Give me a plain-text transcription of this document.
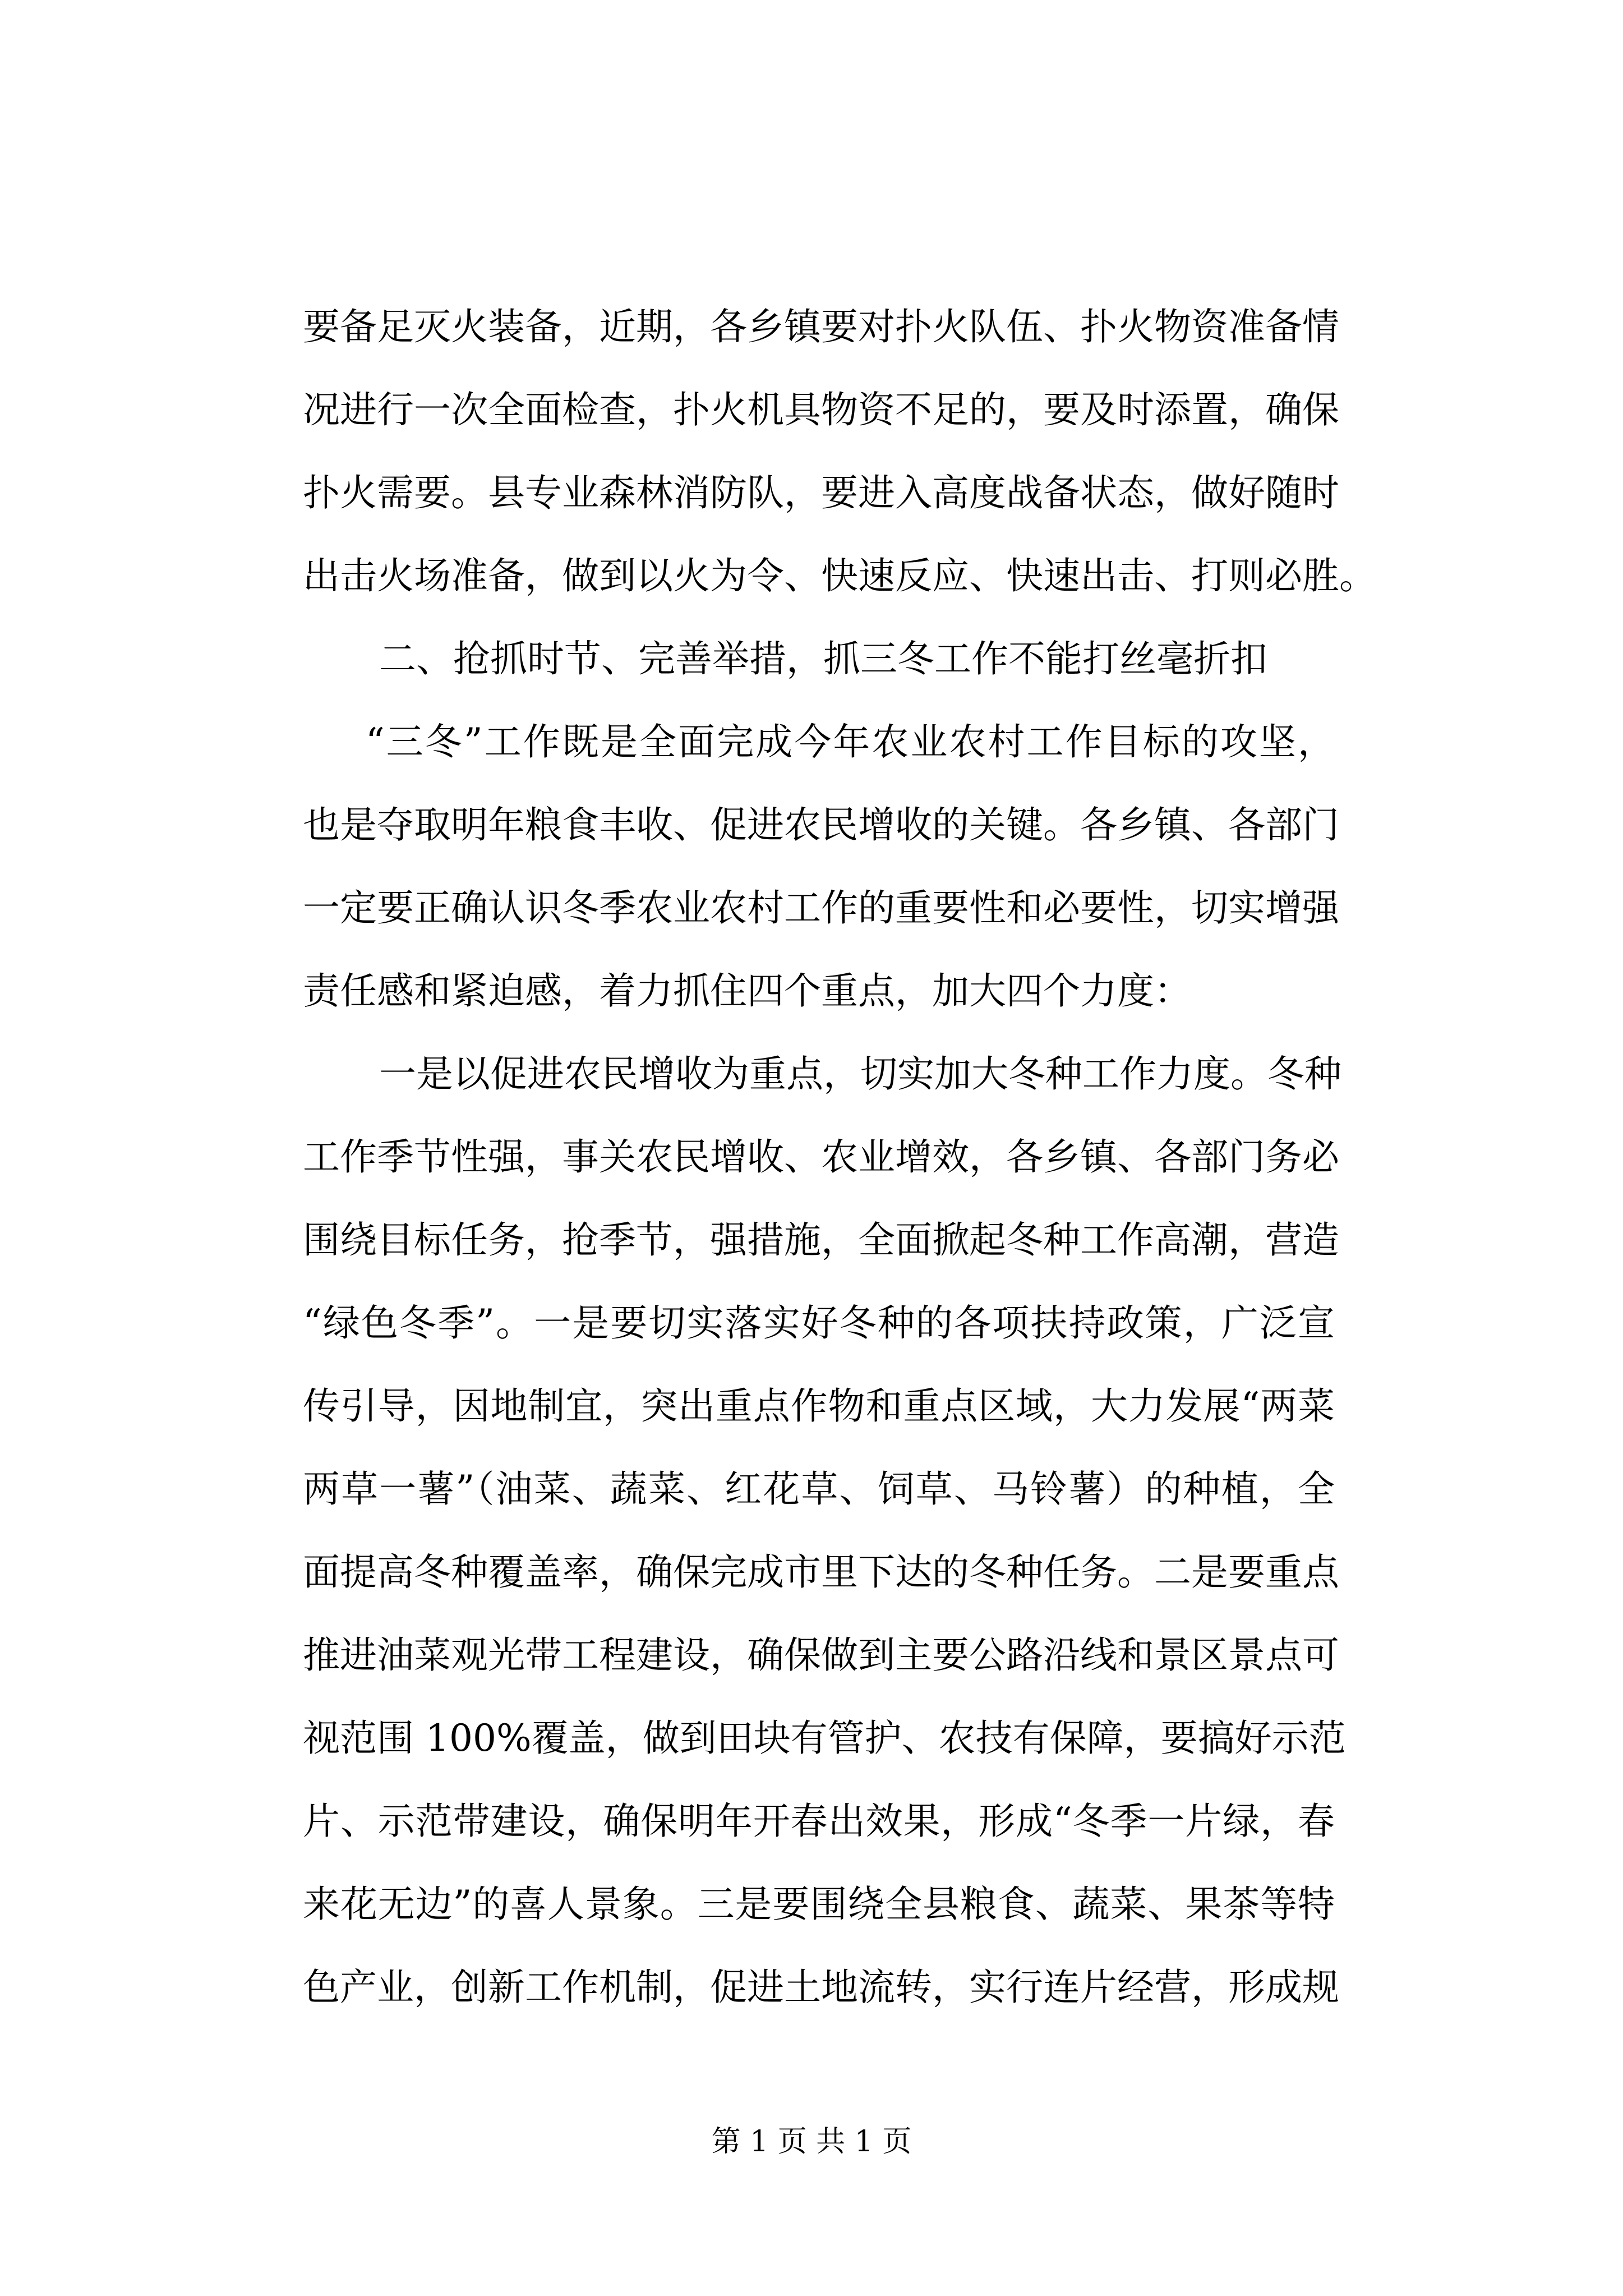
要备足灭火装备，近期，各乡镇要对扑火队伍、扑火物资准备情
况进行一次全面检查，扑火机具物资不足的，要及时添置，确保
扑火需要。县专业森林消防队，要进入高度战备状态，做好随时
出击火场准备，做到以火为令、快速反应、快速出击、打则必胜。
二、抢抓时节、完善举措，抓三冬工作不能打丝毫折扣
“三冬”工作既是全面完成今年农业农村工作目标的攻坚，
也是夺取明年粮食丰收、促进农民增收的关键。各乡镇、各部门
一定要正确认识冬季农业农村工作的重要性和必要性，切实增强
责任感和紧迫感，着力抓住四个重点，加大四个力度：
一是以促进农民增收为重点，切实加大冬种工作力度。冬种
工作季节性强，事关农民增收、农业增效，各乡镇、各部门务必
围绕目标任务，抢季节，强措施，全面掀起冬种工作高潮，营造
“绿色冬季”。一是要切实落实好冬种的各项扶持政策，广泛宣
传引导，因地制宜，突出重点作物和重点区域，大力发展“两菜
两草一薯”（油菜、蔬菜、红花草、饲草、马铃薯）的种植，全
面提高冬种覆盖率，确保完成市里下达的冬种任务。二是要重点
推进油菜观光带工程建设，确保做到主要公路沿线和景区景点可
视范围 100%覆盖，做到田块有管护、农技有保障，要搞好示范
片、示范带建设，确保明年开春出效果，形成“冬季一片绿，春
来花无边”的喜人景象。三是要围绕全县粮食、蔬菜、果茶等特
色产业，创新工作机制，促进土地流转，实行连片经营，形成规
第 1 页 共 1 页
